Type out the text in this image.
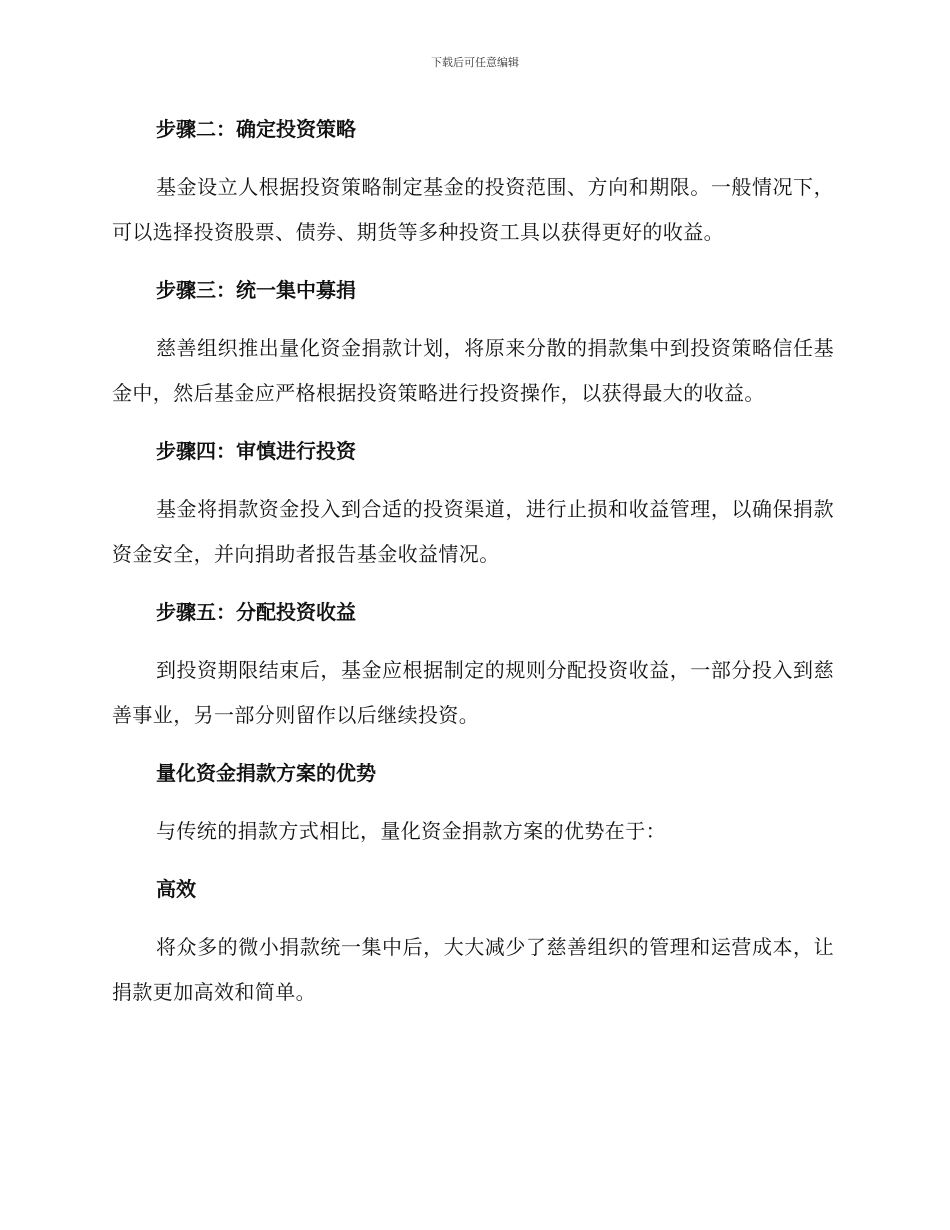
下载后可任意编辑
步骤二：确定投资策略
基金设立人根据投资策略制定基金的投资范围、方向和期限。一般情况下，可以选择投资股票、债券、期货等多种投资工具以获得更好的收益。
步骤三：统一集中募捐
慈善组织推出量化资金捐款计划，将原来分散的捐款集中到投资策略信任基金中，然后基金应严格根据投资策略进行投资操作，以获得最大的收益。
步骤四：审慎进行投资
基金将捐款资金投入到合适的投资渠道，进行止损和收益管理，以确保捐款资金安全，并向捐助者报告基金收益情况。
步骤五：分配投资收益
到投资期限结束后，基金应根据制定的规则分配投资收益，一部分投入到慈善事业，另一部分则留作以后继续投资。
量化资金捐款方案的优势
与传统的捐款方式相比，量化资金捐款方案的优势在于：
高效
将众多的微小捐款统一集中后，大大减少了慈善组织的管理和运营成本，让捐款更加高效和简单。
